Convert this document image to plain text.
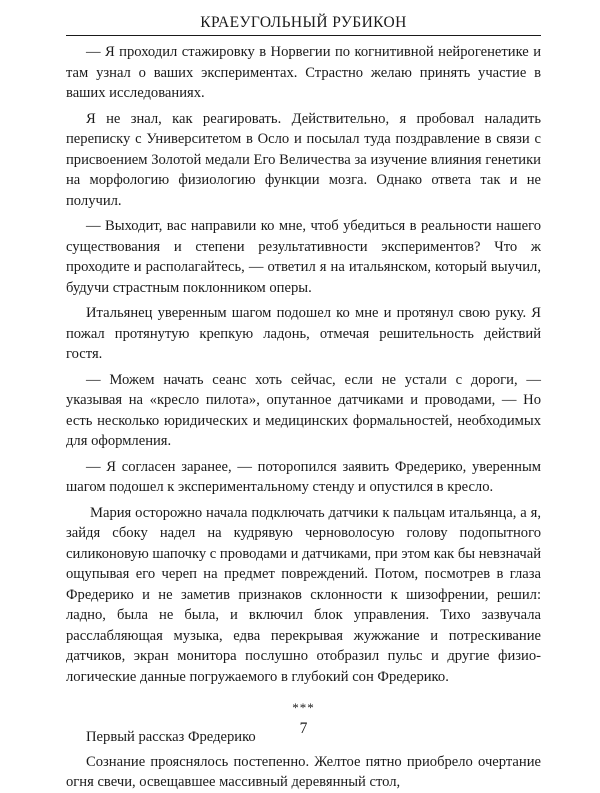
КРАЕУГОЛЬНЫЙ РУБИКОН

— Я проходил стажировку в Норвегии по когнитивной нейрогенетике и там узнал о ваших экспериментах. Страстно желаю принять участие в ваших исследованиях.

Я не знал, как реагировать. Действительно, я пробовал наладить переписку с Университетом в Осло и посылал туда поздравление в связи с присвоением Золотой медали Его Величества за изучение влияния генетики на морфологию физиологию функции мозга. Однако ответа так и не получил.

— Выходит, вас направили ко мне, чтоб убедиться в реальности нашего существования и степени результативности экспериментов? Что ж проходите и располагайтесь, — ответил я на итальянском, который выучил, будучи страстным поклонником оперы.

Итальянец уверенным шагом подошел ко мне и протянул свою руку. Я пожал протянутую крепкую ладонь, отмечая решительность действий гостя.

— Можем начать сеанс хоть сейчас, если не устали с дороги, — указывая на «кресло пилота», опутанное датчиками и проводами, — Но есть несколько юридических и медицинских формальностей, необходимых для оформления.

— Я согласен заранее, — поторопился заявить Фредерико, уверенным шагом подошел к экспериментальному стенду и опустился в кресло.

Мария осторожно начала подключать датчики к пальцам итальянца, а я, зайдя сбоку надел на кудрявую черноволосую голову подопытного силиконовую шапочку с проводами и датчиками, при этом как бы невзначай ощупывая его череп на предмет повреждений. Потом, посмотрев в глаза Фредерико и не заметив признаков склонности к шизофрении, решил: ладно, была не была, и включил блок управления. Тихо зазвучала расслабляющая музыка, едва перекрывая жужжание и потрескивание датчиков, экран монитора послушно отобразил пульс и другие физиологические данные погружаемого в глубокий сон Фредерико.

***

Первый рассказ Фредерико

Сознание прояснялось постепенно. Желтое пятно приобрело очертание огня свечи, освещавшее массивный деревянный стол,

7
